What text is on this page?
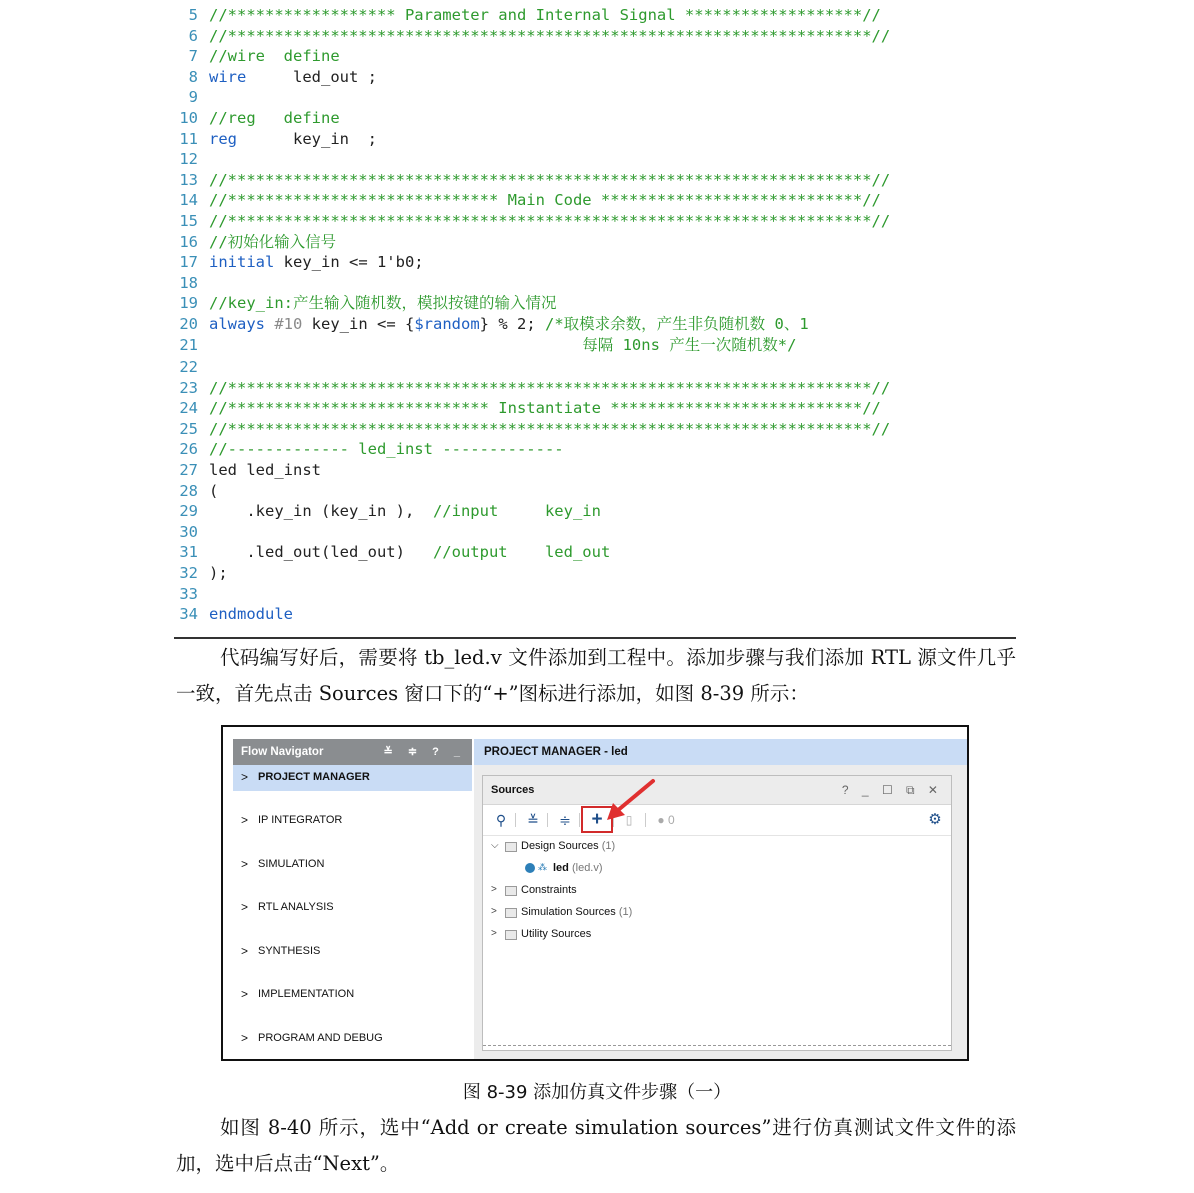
5 //****************** Parameter and Internal Signal *******************//
6 //*********************************************************************//
7 //wire  define
8 wire     led_out ;
9
10 //reg   define
11 reg      key_in  ;
12
13 //*********************************************************************//
14 //***************************** Main Code ****************************//
15 //*********************************************************************//
16 //初始化输入信号
17 initial key_in <= 1'b0;
18
19 //key_in:产生输入随机数，模拟按键的输入情况
20 always #10 key_in <= {$random} % 2; /*取模求余数，产生非负随机数 0、1
21 每隔 10ns 产生一次随机数*/
22
23 //*********************************************************************//
24 //**************************** Instantiate ***************************//
25 //*********************************************************************//
26 //------------- led_inst -------------
27 led led_inst
28 (
29 .key_in (key_in ),  //input     key_in
30
31 .led_out(led_out)   //output    led_out
32 );
33
34 endmodule

代码编写好后，需要将 tb_led.v 文件添加到工程中。添加步骤与我们添加 RTL 源文件几乎一致，首先点击 Sources 窗口下的“+”图标进行添加，如图 8-39 所示：

Flow Navigator	≚ ≑ ? _
> PROJECT MANAGER
> IP INTEGRATOR
> SIMULATION
> RTL ANALYSIS
> SYNTHESIS
> IMPLEMENTATION
> PROGRAM AND DEBUG
PROJECT MANAGER - led
Sources	? _ ☐ ⧉ ✕
⚲	≚ ≑ +	▯	● 0	⚙
⌵ Design Sources (1)
⁂ led (led.v)
> Constraints
> Simulation Sources (1)
> Utility Sources
图 8-39 添加仿真文件步骤（一）

如图 8-40 所示，选中“Add or create simulation sources”进行仿真测试文件文件的添加，选中后点击“Next”。
